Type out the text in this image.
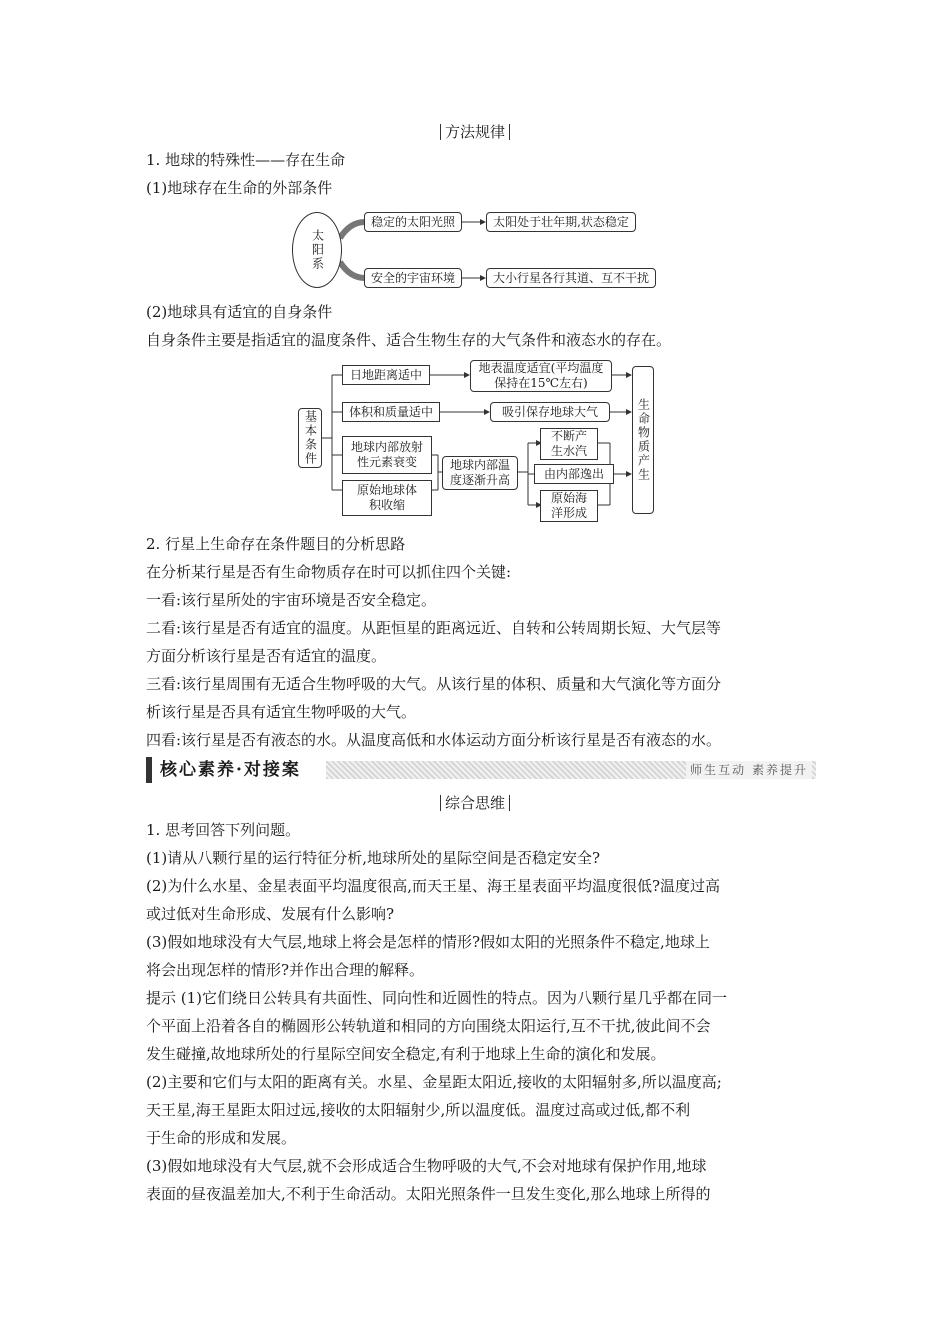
方法规律
1. 地球的特殊性——存在生命
(1)地球存在生命的外部条件
太阳系
稳定的太阳光照	太阳处于壮年期,状态稳定
安全的宇宙环境	大小行星各行其道、互不干扰
(2)地球具有适宜的自身条件
自身条件主要是指适宜的温度条件、适合生物生存的大气条件和液态水的存在。
基本条件
日地距离适中	地表温度适宜(平均温度保持在15℃左右)
体积和质量适中	吸引保存地球大气
地球内部放射性元素衰变
原始地球体积收缩
地球内部温度逐渐升高
不断产生水汽
由内部逸出
原始海洋形成
生命物质产生
2. 行星上生命存在条件题目的分析思路
在分析某行星是否有生命物质存在时可以抓住四个关键:
一看:该行星所处的宇宙环境是否安全稳定。
二看:该行星是否有适宜的温度。从距恒星的距离远近、自转和公转周期长短、大气层等
方面分析该行星是否有适宜的温度。
三看:该行星周围有无适合生物呼吸的大气。从该行星的体积、质量和大气演化等方面分
析该行星是否具有适宜生物呼吸的大气。
四看:该行星是否有液态的水。从温度高低和水体运动方面分析该行星是否有液态的水。
核心素养·对接案	师生互动 素养提升
综合思维
1. 思考回答下列问题。
(1)请从八颗行星的运行特征分析,地球所处的星际空间是否稳定安全?
(2)为什么水星、金星表面平均温度很高,而天王星、海王星表面平均温度很低?温度过高
或过低对生命形成、发展有什么影响?
(3)假如地球没有大气层,地球上将会是怎样的情形?假如太阳的光照条件不稳定,地球上
将会出现怎样的情形?并作出合理的解释。
提示 (1)它们绕日公转具有共面性、同向性和近圆性的特点。因为八颗行星几乎都在同一
个平面上沿着各自的椭圆形公转轨道和相同的方向围绕太阳运行,互不干扰,彼此间不会
发生碰撞,故地球所处的行星际空间安全稳定,有利于地球上生命的演化和发展。
(2)主要和它们与太阳的距离有关。水星、金星距太阳近,接收的太阳辐射多,所以温度高;
天王星,海王星距太阳过远,接收的太阳辐射少,所以温度低。温度过高或过低,都不利
于生命的形成和发展。
(3)假如地球没有大气层,就不会形成适合生物呼吸的大气,不会对地球有保护作用,地球
表面的昼夜温差加大,不利于生命活动。太阳光照条件一旦发生变化,那么地球上所得的
